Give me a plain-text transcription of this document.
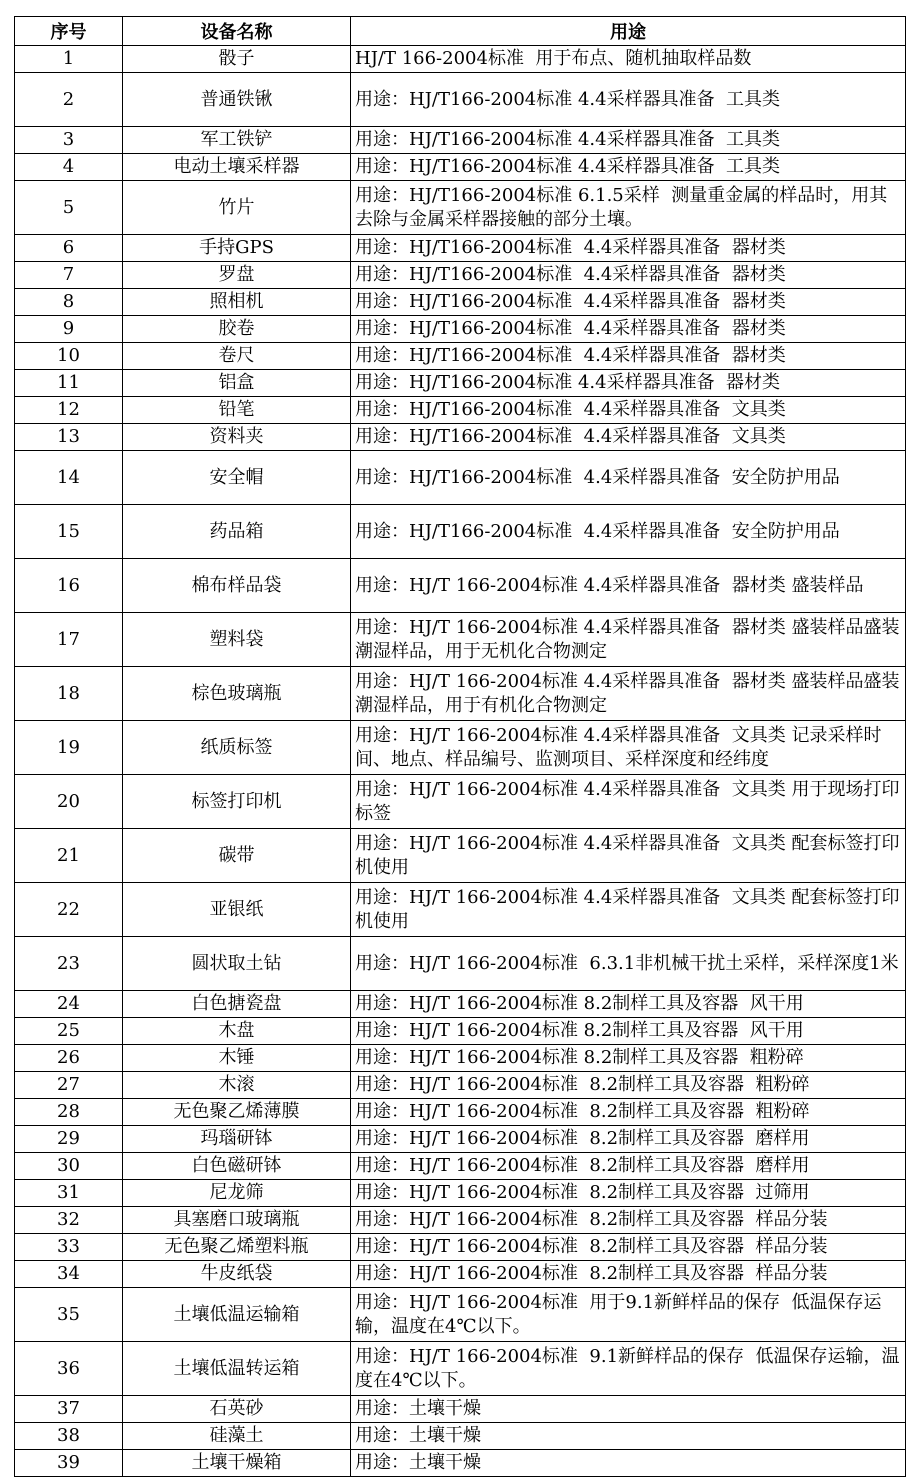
序号	设备名称	用途
1	骰子	HJ/T 166-2004标准  用于布点、随机抽取样品数
2	普通铁锹	用途：HJ/T166-2004标准 4.4采样器具准备  工具类
3	军工铁铲	用途：HJ/T166-2004标准 4.4采样器具准备  工具类
4	电动土壤采样器	用途：HJ/T166-2004标准 4.4采样器具准备  工具类
5	竹片	用途：HJ/T166-2004标准 6.1.5采样  测量重金属的样品时，用其去除与金属采样器接触的部分土壤。
6	手持GPS	用途：HJ/T166-2004标准  4.4采样器具准备  器材类
7	罗盘	用途：HJ/T166-2004标准  4.4采样器具准备  器材类
8	照相机	用途：HJ/T166-2004标准  4.4采样器具准备  器材类
9	胶卷	用途：HJ/T166-2004标准  4.4采样器具准备  器材类
10	卷尺	用途：HJ/T166-2004标准  4.4采样器具准备  器材类
11	铝盒	用途：HJ/T166-2004标准 4.4采样器具准备  器材类
12	铅笔	用途：HJ/T166-2004标准  4.4采样器具准备  文具类
13	资料夹	用途：HJ/T166-2004标准  4.4采样器具准备  文具类
14	安全帽	用途：HJ/T166-2004标准  4.4采样器具准备  安全防护用品
15	药品箱	用途：HJ/T166-2004标准  4.4采样器具准备  安全防护用品
16	棉布样品袋	用途：HJ/T 166-2004标准 4.4采样器具准备  器材类 盛装样品
17	塑料袋	用途：HJ/T 166-2004标准 4.4采样器具准备  器材类 盛装样品盛装潮湿样品，用于无机化合物测定
18	棕色玻璃瓶	用途：HJ/T 166-2004标准 4.4采样器具准备  器材类 盛装样品盛装潮湿样品，用于有机化合物测定
19	纸质标签	用途：HJ/T 166-2004标准 4.4采样器具准备  文具类 记录采样时间、地点、样品编号、监测项目、采样深度和经纬度
20	标签打印机	用途：HJ/T 166-2004标准 4.4采样器具准备  文具类 用于现场打印标签
21	碳带	用途：HJ/T 166-2004标准 4.4采样器具准备  文具类 配套标签打印机使用
22	亚银纸	用途：HJ/T 166-2004标准 4.4采样器具准备  文具类 配套标签打印机使用
23	圆状取土钻	用途：HJ/T 166-2004标准  6.3.1非机械干扰土采样，采样深度1米
24	白色搪瓷盘	用途：HJ/T 166-2004标准 8.2制样工具及容器  风干用
25	木盘	用途：HJ/T 166-2004标准 8.2制样工具及容器  风干用
26	木锤	用途：HJ/T 166-2004标准 8.2制样工具及容器  粗粉碎
27	木滚	用途：HJ/T 166-2004标准  8.2制样工具及容器  粗粉碎
28	无色聚乙烯薄膜	用途：HJ/T 166-2004标准  8.2制样工具及容器  粗粉碎
29	玛瑙研钵	用途：HJ/T 166-2004标准  8.2制样工具及容器  磨样用
30	白色磁研钵	用途：HJ/T 166-2004标准  8.2制样工具及容器  磨样用
31	尼龙筛	用途：HJ/T 166-2004标准  8.2制样工具及容器  过筛用
32	具塞磨口玻璃瓶	用途：HJ/T 166-2004标准  8.2制样工具及容器  样品分装
33	无色聚乙烯塑料瓶	用途：HJ/T 166-2004标准  8.2制样工具及容器  样品分装
34	牛皮纸袋	用途：HJ/T 166-2004标准  8.2制样工具及容器  样品分装
35	土壤低温运输箱	用途：HJ/T 166-2004标准  用于9.1新鲜样品的保存  低温保存运输，温度在4℃以下。
36	土壤低温转运箱	用途：HJ/T 166-2004标准  9.1新鲜样品的保存  低温保存运输，温度在4℃以下。
37	石英砂	用途：土壤干燥
38	硅藻土	用途：土壤干燥
39	土壤干燥箱	用途：土壤干燥
